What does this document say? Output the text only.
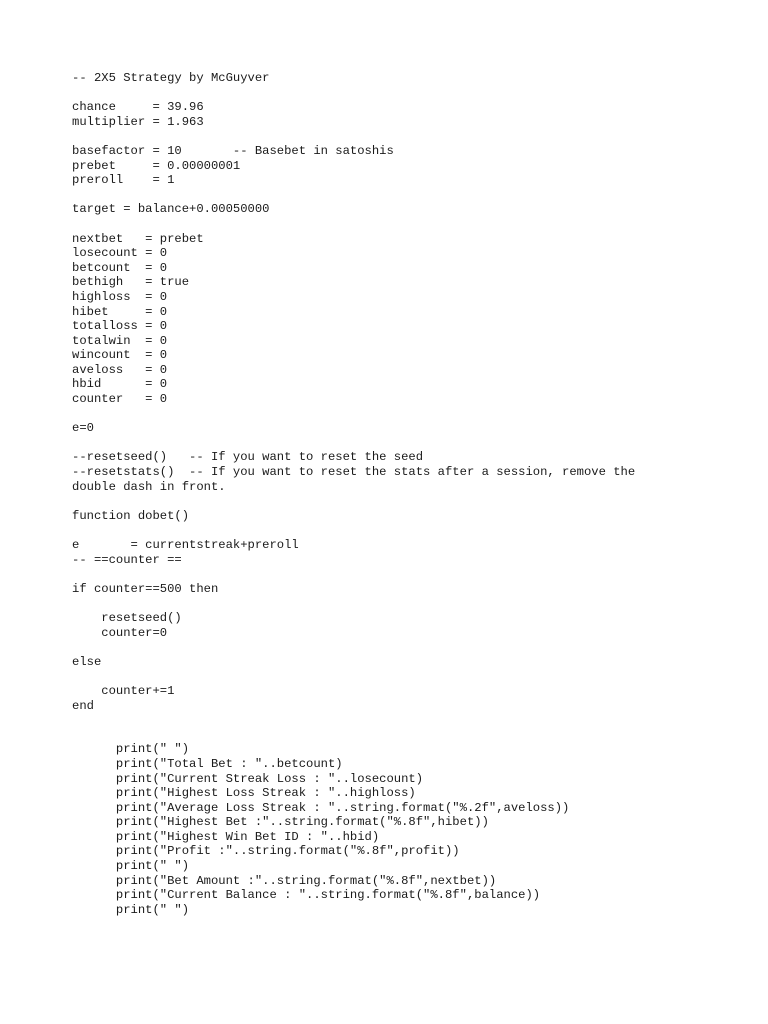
-- 2X5 Strategy by McGuyver
chance     = 39.96
multiplier = 1.963
basefactor = 10       -- Basebet in satoshis
prebet     = 0.00000001
preroll    = 1
target = balance+0.00050000
nextbet   = prebet
losecount = 0
betcount  = 0
bethigh   = true
highloss  = 0
hibet     = 0
totalloss = 0
totalwin  = 0
wincount  = 0
aveloss   = 0
hbid      = 0
counter   = 0
e=0
--resetseed()   -- If you want to reset the seed
--resetstats()  -- If you want to reset the stats after a session, remove the
double dash in front.
function dobet()
e       = currentstreak+preroll
-- ==counter ==
if counter==500 then
resetseed()
counter=0
else
counter+=1
end
print(" ")
print("Total Bet : "..betcount)
print("Current Streak Loss : "..losecount)
print("Highest Loss Streak : "..highloss)
print("Average Loss Streak : "..string.format("%.2f",aveloss))
print("Highest Bet :"..string.format("%.8f",hibet))
print("Highest Win Bet ID : "..hbid)
print("Profit :"..string.format("%.8f",profit))
print(" ")
print("Bet Amount :"..string.format("%.8f",nextbet))
print("Current Balance : "..string.format("%.8f",balance))
print(" ")
